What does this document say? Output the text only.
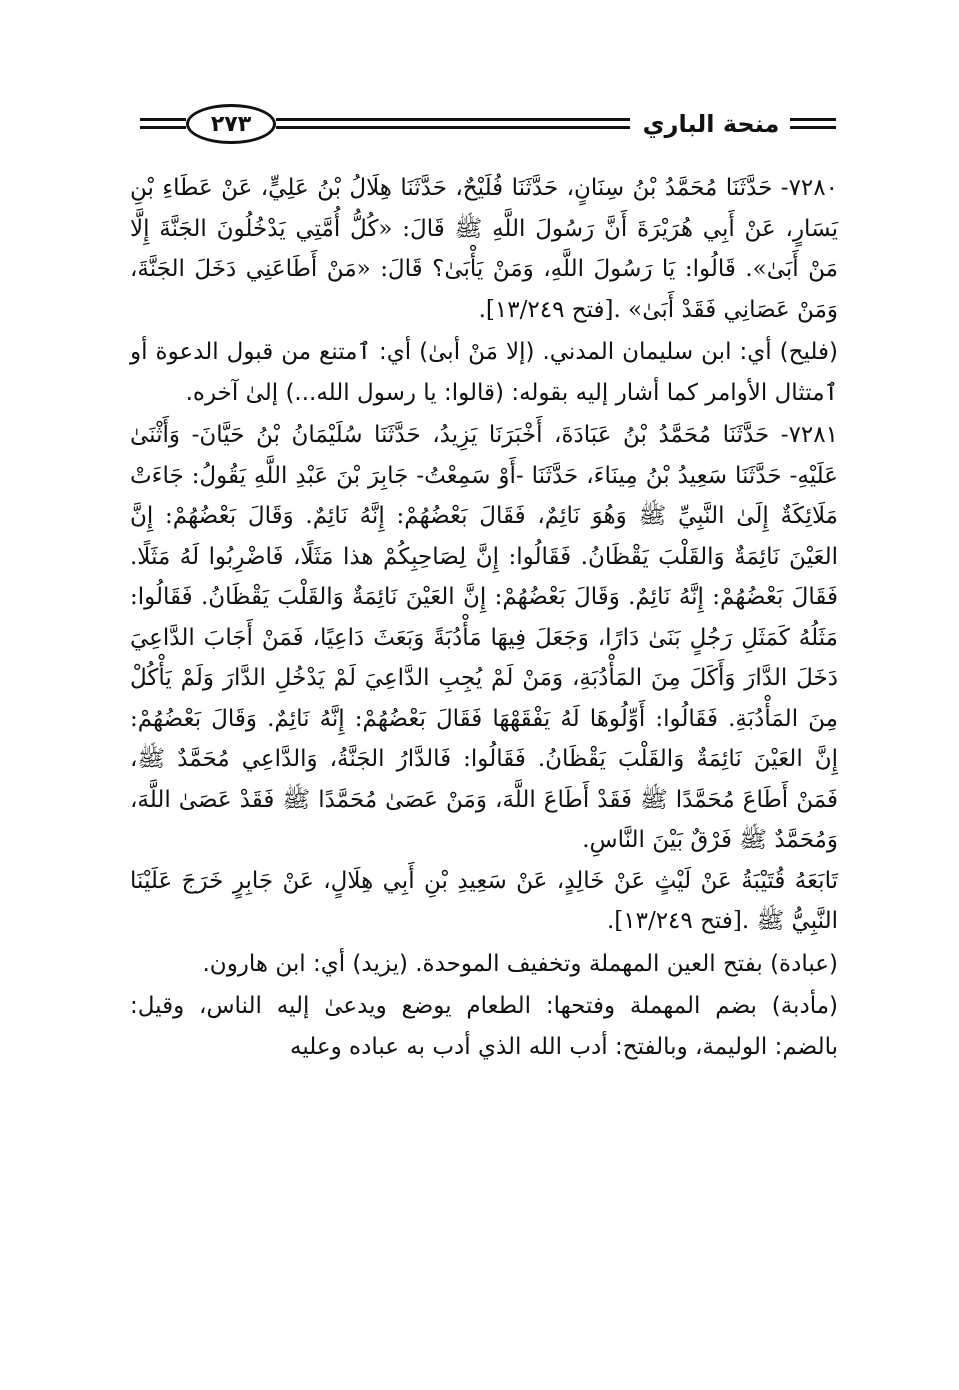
٢٧٣	منحة الباري

٧٢٨٠- حَدَّثَنَا مُحَمَّدُ بْنُ سِنَانٍ، حَدَّثَنَا فُلَيْحٌ، حَدَّثَنَا هِلَالُ بْنُ عَلِيٍّ، عَنْ عَطَاءِ بْنِ يَسَارٍ، عَنْ أَبِي هُرَيْرَةَ أَنَّ رَسُولَ اللَّهِ ﷺ قَالَ: «كُلُّ أُمَّتِي يَدْخُلُونَ الجَنَّةَ إِلَّا مَنْ أَبَىٰ». قَالُوا: يَا رَسُولَ اللَّهِ، وَمَنْ يَأْبَىٰ؟ قَالَ: «مَنْ أَطَاعَنِي دَخَلَ الجَنَّةَ، وَمَنْ عَصَانِي فَقَدْ أَبَىٰ» .[فتح ١٣/٢٤٩].

(فليح) أي: ابن سليمان المدني. (إلا مَنْ أبىٰ) أي: ٱمتنع من قبول الدعوة أو ٱمتثال الأوامر كما أشار إليه بقوله: (قالوا: يا رسول الله...) إلىٰ آخره.

٧٢٨١- حَدَّثَنَا مُحَمَّدُ بْنُ عَبَادَةَ، أَخْبَرَنَا يَزِيدُ، حَدَّثَنَا سُلَيْمَانُ بْنُ حَيَّانَ- وَأَثْنَىٰ عَلَيْهِ- حَدَّثَنَا سَعِيدُ بْنُ مِينَاءَ، حَدَّثَنَا -أَوْ سَمِعْتُ- جَابِرَ بْنَ عَبْدِ اللَّهِ يَقُولُ: جَاءَتْ مَلَائِكَةٌ إِلَىٰ النَّبِيِّ ﷺ وَهُوَ نَائِمٌ، فَقَالَ بَعْضُهُمْ: إِنَّهُ نَائِمٌ. وَقَالَ بَعْضُهُمْ: إِنَّ العَيْنَ نَائِمَةٌ وَالقَلْبَ يَقْظَانُ. فَقَالُوا: إِنَّ لِصَاحِبِكُمْ هذا مَثَلًا، فَاضْرِبُوا لَهُ مَثَلًا. فَقَالَ بَعْضُهُمْ: إِنَّهُ نَائِمٌ. وَقَالَ بَعْضُهُمْ: إِنَّ العَيْنَ نَائِمَةٌ وَالقَلْبَ يَقْظَانُ. فَقَالُوا: مَثَلُهُ كَمَثَلِ رَجُلٍ بَنَىٰ دَارًا، وَجَعَلَ فِيهَا مَأْدُبَةً وَبَعَثَ دَاعِيًا، فَمَنْ أَجَابَ الدَّاعِيَ دَخَلَ الدَّارَ وَأَكَلَ مِنَ المَأْدُبَةِ، وَمَنْ لَمْ يُجِبِ الدَّاعِيَ لَمْ يَدْخُلِ الدَّارَ وَلَمْ يَأْكُلْ مِنَ المَأْدُبَةِ. فَقَالُوا: أَوِّلُوهَا لَهُ يَفْقَهْهَا فَقَالَ بَعْضُهُمْ: إِنَّهُ نَائِمٌ. وَقَالَ بَعْضُهُمْ: إِنَّ العَيْنَ نَائِمَةٌ وَالقَلْبَ يَقْظَانُ. فَقَالُوا: فَالدَّارُ الجَنَّةُ، وَالدَّاعِي مُحَمَّدٌ ﷺ، فَمَنْ أَطَاعَ مُحَمَّدًا ﷺ فَقَدْ أَطَاعَ اللَّهَ، وَمَنْ عَصَىٰ مُحَمَّدًا ﷺ فَقَدْ عَصَىٰ اللَّهَ، وَمُحَمَّدٌ ﷺ فَرْقٌ بَيْنَ النَّاسِ.

تَابَعَهُ قُتَيْبَةُ عَنْ لَيْثٍ عَنْ خَالِدٍ، عَنْ سَعِيدِ بْنِ أَبِي هِلَالٍ، عَنْ جَابِرٍ خَرَجَ عَلَيْنَا النَّبِيُّ ﷺ .[فتح ١٣/٢٤٩].

(عبادة) بفتح العين المهملة وتخفيف الموحدة. (يزيد) أي: ابن هارون.

(مأدبة) بضم المهملة وفتحها: الطعام يوضع ويدعىٰ إليه الناس، وقيل: بالضم: الوليمة، وبالفتح: أدب الله الذي أدب به عباده وعليه
